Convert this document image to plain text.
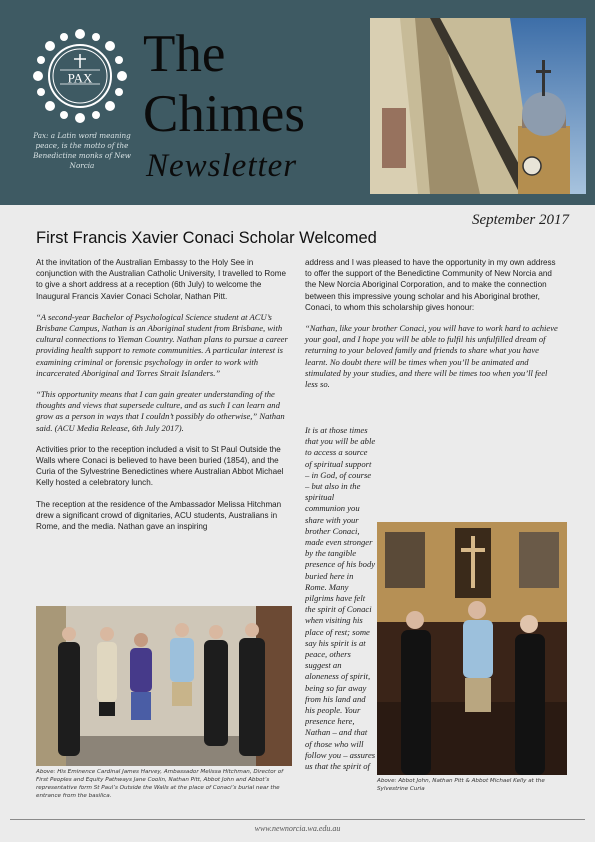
PAX
Pax: a Latin word meaning peace, is the motto of the Benedictine monks of New Norcia
The
Chimes
Newsletter
September 2017
First Francis Xavier Conaci Scholar Welcomed

At the invitation of the Australian Embassy to the Holy See in conjunction with the Australian Catholic University, I travelled to Rome to give a short address at a reception (6th July) to welcome the Inaugural Francis Xavier Conaci Scholar, Nathan Pitt.

“A second-year Bachelor of Psychological Science student at ACU’s Brisbane Campus, Nathan is an Aboriginal student from Brisbane, with cultural connections to Yieman Country. Nathan plans to pursue a career providing health support to remote communities. A particular interest is examining criminal or forensic psychology in order to work with incarcerated Aboriginal and Torres Strait Islanders.”

“This opportunity means that I can gain greater understanding of the thoughts and views that supersede culture, and as such I can learn and grow as a person in ways that I couldn’t possibly do otherwise,” Nathan said. (ACU Media Release, 6th July 2017).

Activities prior to the reception included a visit to St Paul Outside the Walls where Conaci is believed to have been buried (1854), and the Curia of the Sylvestrine Benedictines where Australian Abbot Michael Kelly hosted a celebratory lunch.

The reception at the residence of the Ambassador Melissa Hitchman drew a significant crowd of dignitaries, ACU students, Australians in Rome, and the media. Nathan gave an inspiring

address and I was pleased to have the opportunity in my own address to offer the support of the Benedictine Community of New Norcia and the New Norcia Aboriginal Corporation, and to make the connection between this impressive young scholar and his Aboriginal brother, Conaci, to whom this scholarship gives honour:

“Nathan, like your brother Conaci, you will have to work hard to achieve your goal, and I hope you will be able to fulfil his unfulfilled dream of returning to your beloved family and friends to share what you have learnt. No doubt there will be times when you’ll be animated and stimulated by your studies, and there will be times too when you’ll feel less so.

It is at those times that you will be able to access a source of spiritual support – in God, of course – but also in the spiritual communion you share with your brother Conaci, made even stronger by the tangible presence of his body buried here in Rome. Many pilgrims have felt the spirit of Conaci when visiting his place of rest; some say his spirit is at peace, others suggest an aloneness of spirit, being so far away from his land and his people. Your presence here, Nathan – and that of those who will follow you – assures us that the spirit of
Above: His Eminence Cardinal James Harvey, Ambassador Melissa Hitchman, Director of First Peoples and Equity Pathways Jane Coolin, Nathan Pitt, Abbot John and Abbot’s representative form St Paul’s Outside the Walls at the place of Conaci’s burial near the entrance from the basilica.
Above: Abbot John, Nathan Pitt & Abbot Michael Kelly at the Sylvestrine Curia
www.newnorcia.wa.edu.au
